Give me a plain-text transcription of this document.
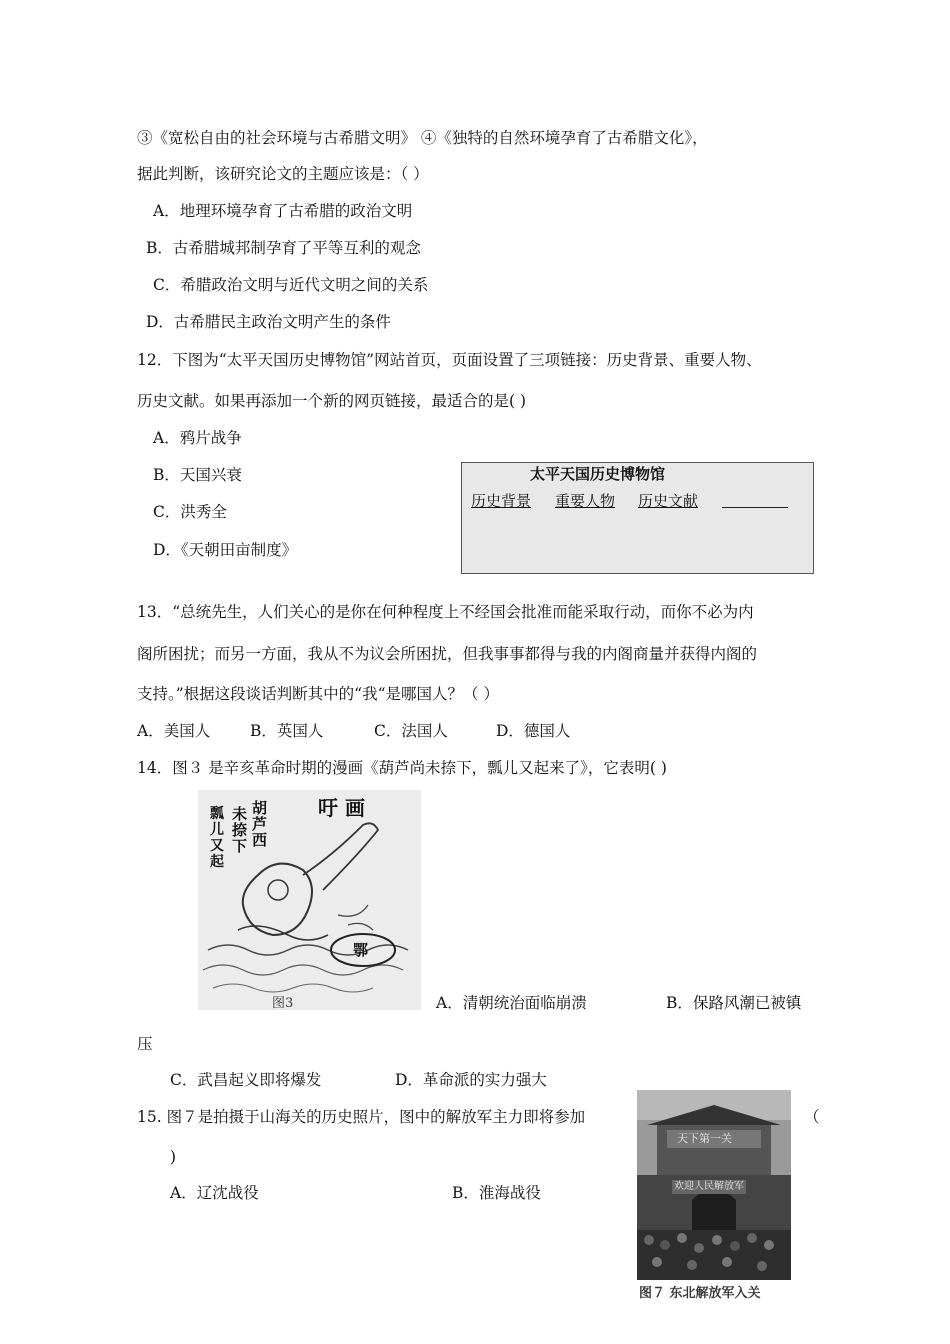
③《宽松自由的社会环境与古希腊文明》 ④《独特的自然环境孕育了古希腊文化》，
据此判断，该研究论文的主题应该是：（ ）
A．地理环境孕育了古希腊的政治文明
B．古希腊城邦制孕育了平等互利的观念
C．希腊政治文明与近代文明之间的关系
D．古希腊民主政治文明产生的条件
12．下图为“太平天国历史博物馆”网站首页，页面设置了三项链接：历史背景、重要人物、
历史文献。如果再添加一个新的网页链接，最适合的是( )
A．鸦片战争
B．天国兴衰
C．洪秀全
D．《天朝田亩制度》
太平天国历史博物馆
历史背景 重要人物 历史文献
13．“总统先生，人们关心的是你在何种程度上不经国会批准而能采取行动，而你不必为内
阁所困扰；而另一方面，我从不为议会所困扰，但我事事都得与我的内阁商量并获得内阁的
支持。”根据这段谈话判断其中的“我“是哪国人？（ ）
A．美国人	B．英国人	C．法国人	D．德国人
14．图３ 是辛亥革命时期的漫画《葫芦尚未捺下，瓢儿又起来了》，它表明( )
吁 画
鄂
胡芦西
未捺下
瓢儿又起
图3	A．清朝统治面临崩溃	B．保路风潮已被镇
压
C．武昌起义即将爆发	D．革命派的实力强大
15. 图７是拍摄于山海关的历史照片，图中的解放军主力即将参加	（
)
A．辽沈战役	B．淮海战役
天下第一关
欢迎人民解放军
图７ 东北解放军入关
